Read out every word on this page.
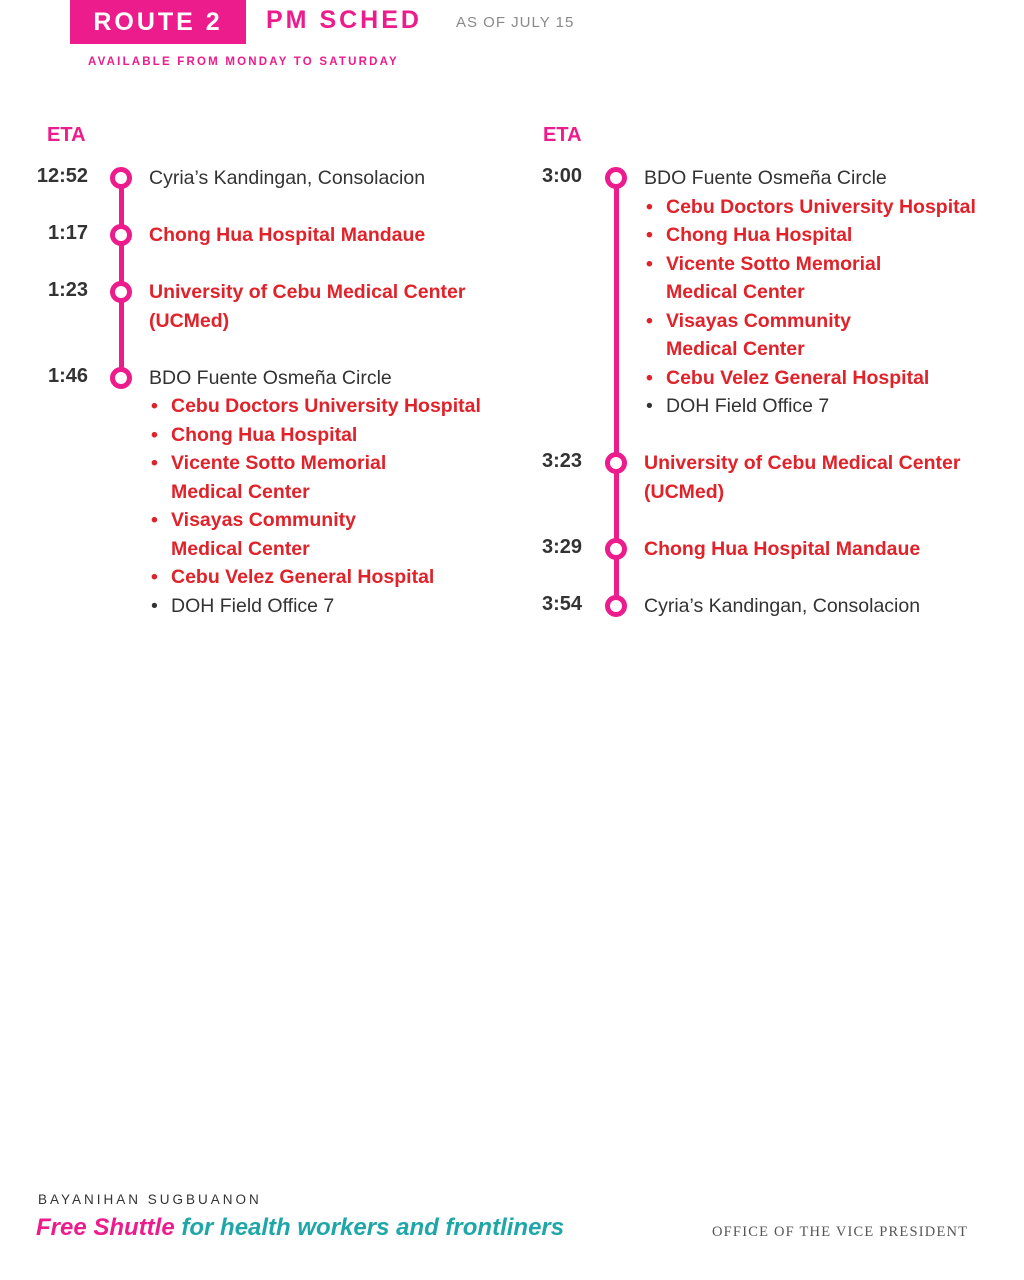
ROUTE 2	PM SCHED AS OF JULY 15
AVAILABLE FROM MONDAY TO SATURDAY
ETA
12:52	Cyria’s Kandingan, Consolacion
1:17	Chong Hua Hospital Mandaue
1:23	University of Cebu Medical Center
(UCMed)
1:46	BDO Fuente Osmeña Circle
• Cebu Doctors University Hospital
• Chong Hua Hospital
• Vicente Sotto Memorial
Medical Center
• Visayas Community
Medical Center
• Cebu Velez General Hospital
• DOH Field Office 7
ETA
3:00	BDO Fuente Osmeña Circle
• Cebu Doctors University Hospital
• Chong Hua Hospital
• Vicente Sotto Memorial
Medical Center
• Visayas Community
Medical Center
• Cebu Velez General Hospital
• DOH Field Office 7
3:23	University of Cebu Medical Center
(UCMed)
3:29	Chong Hua Hospital Mandaue
3:54	Cyria’s Kandingan, Consolacion
BAYANIHAN SUGBUANON
Free Shuttle for health workers and frontliners	OFFICE OF THE VICE PRESIDENT
